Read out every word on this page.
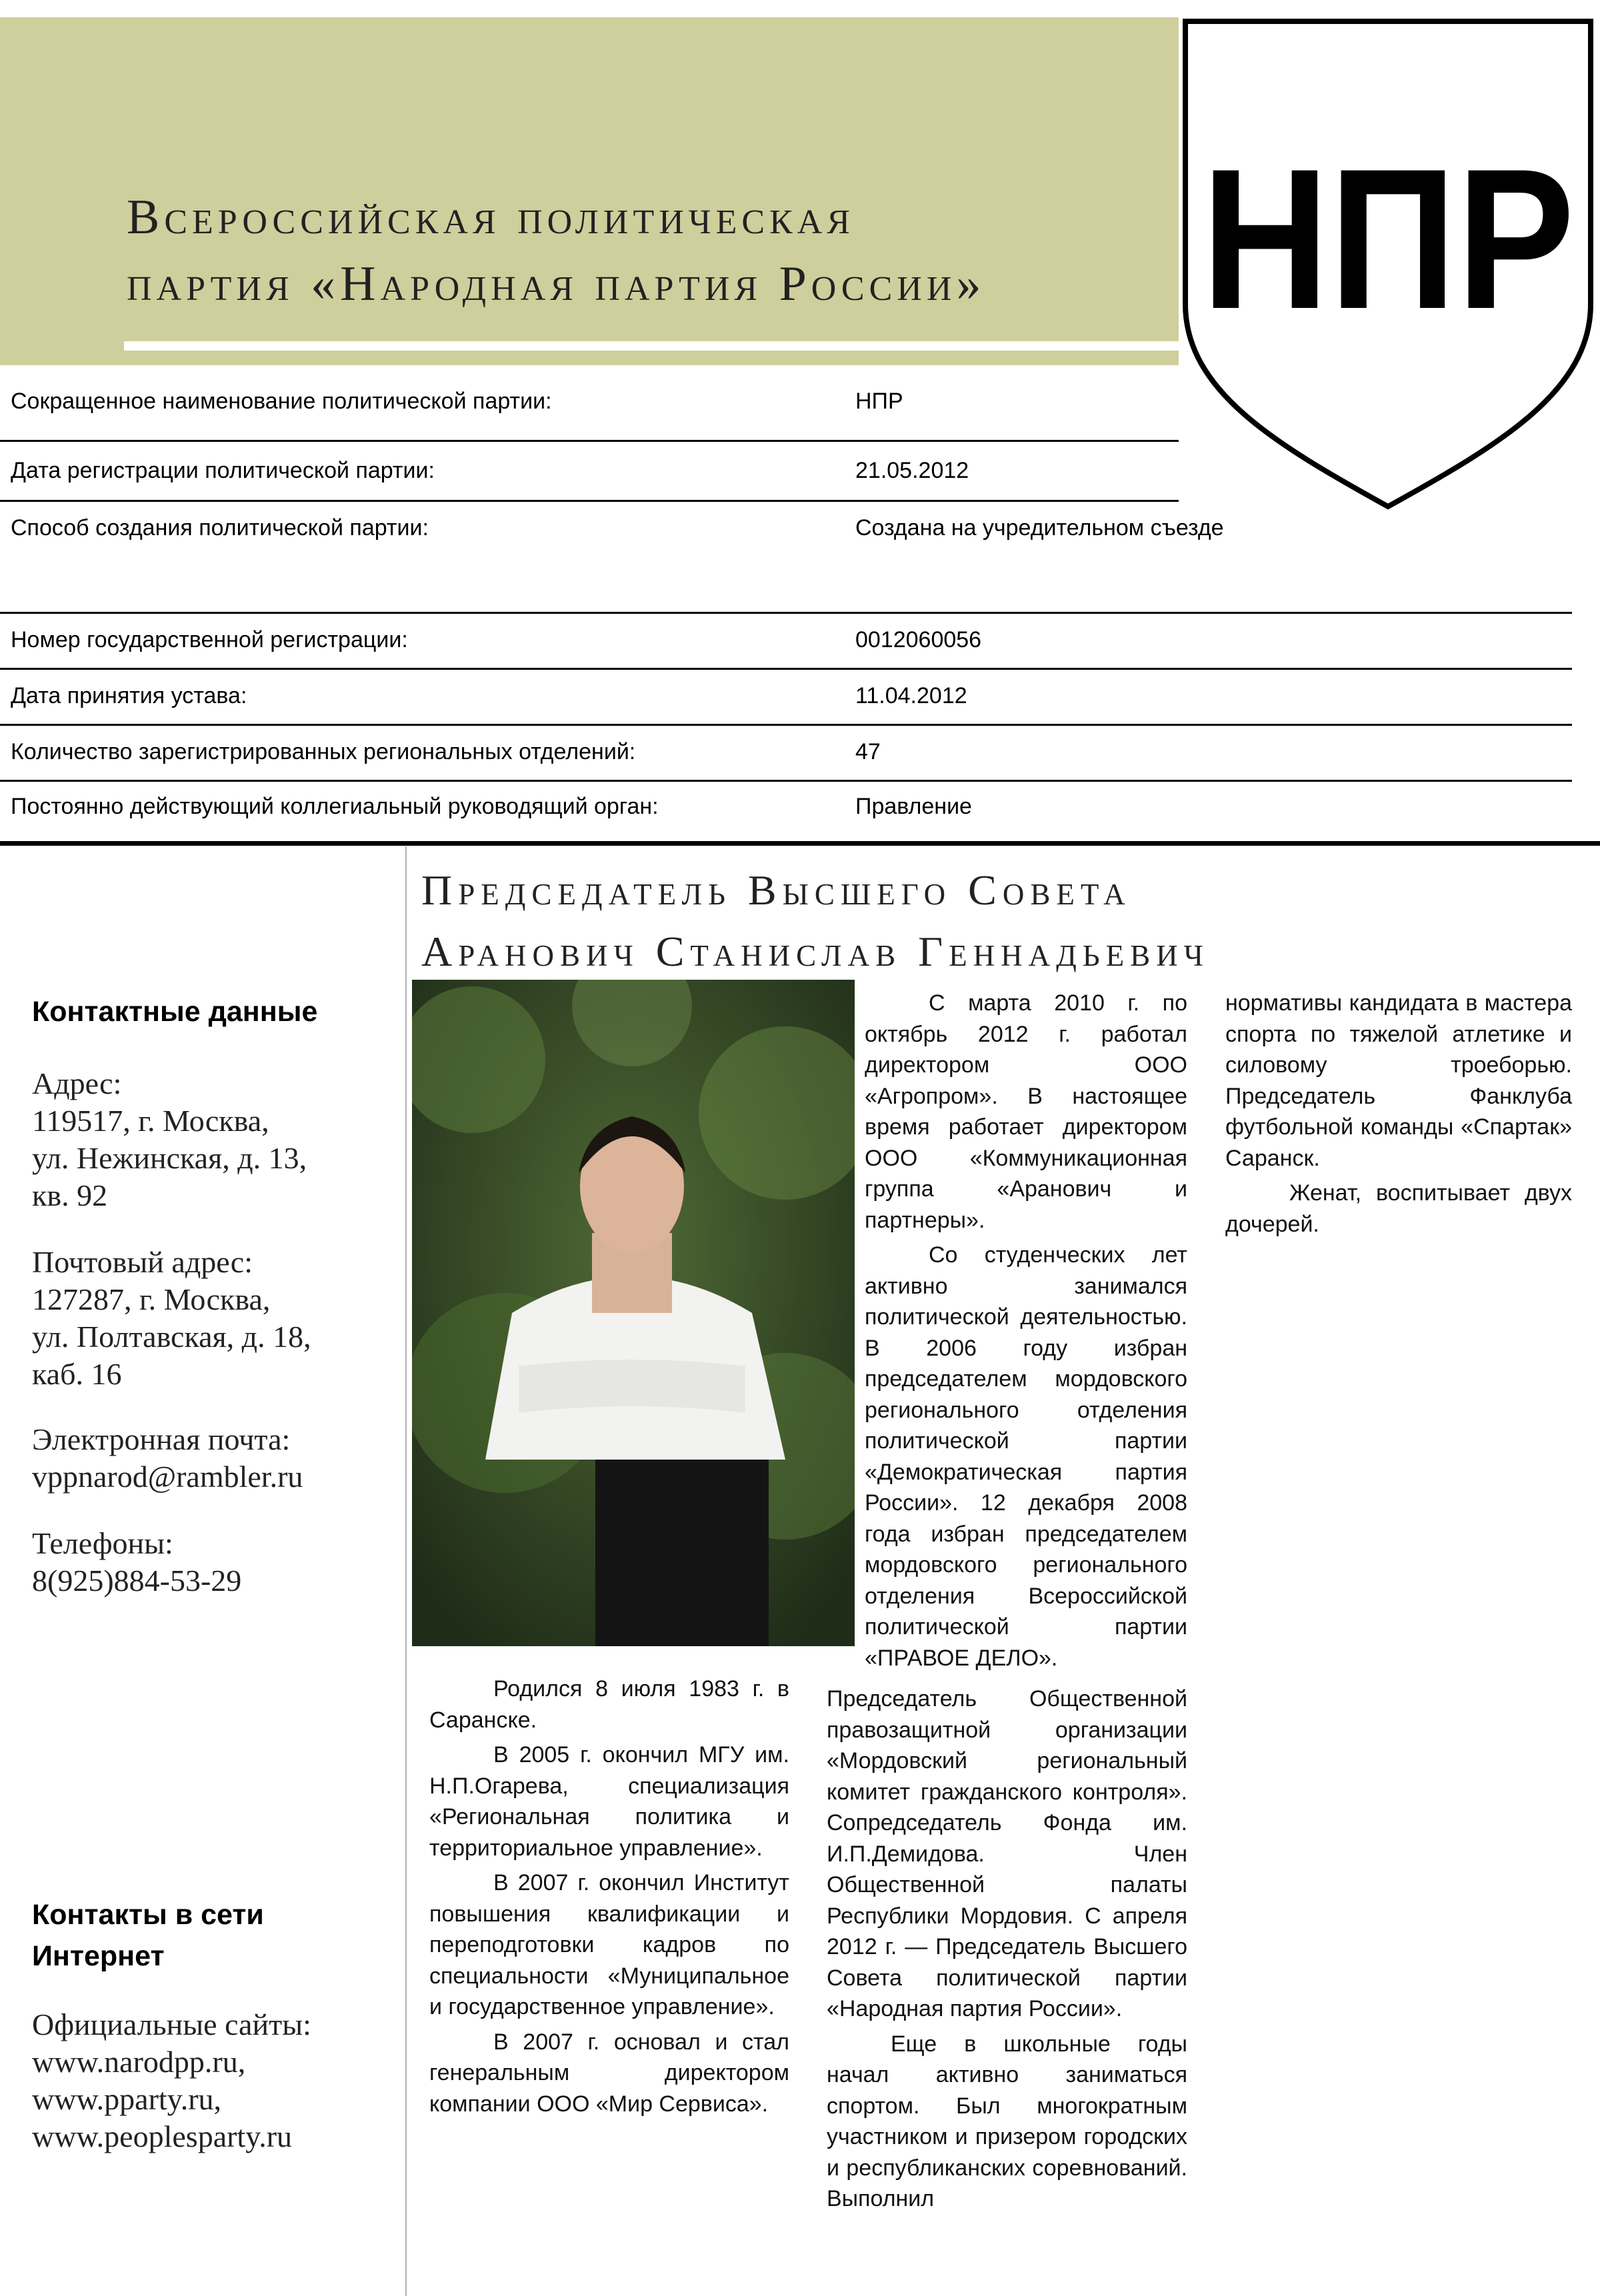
Всероссийская политическая
партия «Народная партия России»	НПР
Сокращенное наименование политической партии:	НПР
Дата регистрации политической партии:	21.05.2012
Способ создания политической партии:	Создана на учредительном съезде
Номер государственной регистрации:	0012060056
Дата принятия устава:	11.04.2012
Количество зарегистрированных региональных отделений:	47
Постоянно действующий коллегиальный руководящий орган:	Правление
Контактные данные
Адрес:
119517, г. Москва,
ул. Нежинская, д. 13,
кв. 92
Почтовый адрес:
127287, г. Москва,
ул. Полтавская, д. 18,
каб. 16
Электронная почта:
vppnarod@rambler.ru
Телефоны:
8(925)884-53-29
Контакты в сети
Интернет
Официальные сайты:
www.narodpp.ru,
www.pparty.ru,
www.peoplesparty.ru
Председатель Высшего Совета
Аранович Станислав Геннадьевич

Родился 8 июля 1983 г. в Саранске.

В 2005 г. окончил МГУ им. Н.П.Огарева, специализация «Региональная политика и территориальное управление».

В 2007 г. окончил Институт повышения квалификации и переподготовки кадров по специальности «Муниципальное и государственное управление».

В 2007 г. основал и стал генеральным директором компании ООО «Мир Сервиса».

С марта 2010 г. по октябрь 2012 г. работал директором ООО «Агропром». В настоящее время работает директором ООО «Коммуникационная группа «Аранович и партнеры».

Со студенческих лет активно занимался политической деятельностью. В 2006 году избран председателем мордовского регионального отделения политической партии «Демократическая партия России». 12 декабря 2008 года избран председателем мордовского регионального отделения Всероссийской политической партии «ПРАВОЕ ДЕЛО».

Председатель Общественной правозащитной организации «Мордовский региональный комитет гражданского контроля». Сопредседатель Фонда им. И.П.Демидова. Член Общественной палаты Республики Мордовия. С апреля 2012 г. — Председатель Высшего Совета политической партии «Народная партия России».

Еще в школьные годы начал активно заниматься спортом. Был многократным участником и призером городских и республиканских соревнований. Выполнил

нормативы кандидата в мастера спорта по тяжелой атлетике и силовому троеборью. Председатель Фанклуба футбольной команды «Спартак» Саранск.

Женат, воспитывает двух дочерей.
